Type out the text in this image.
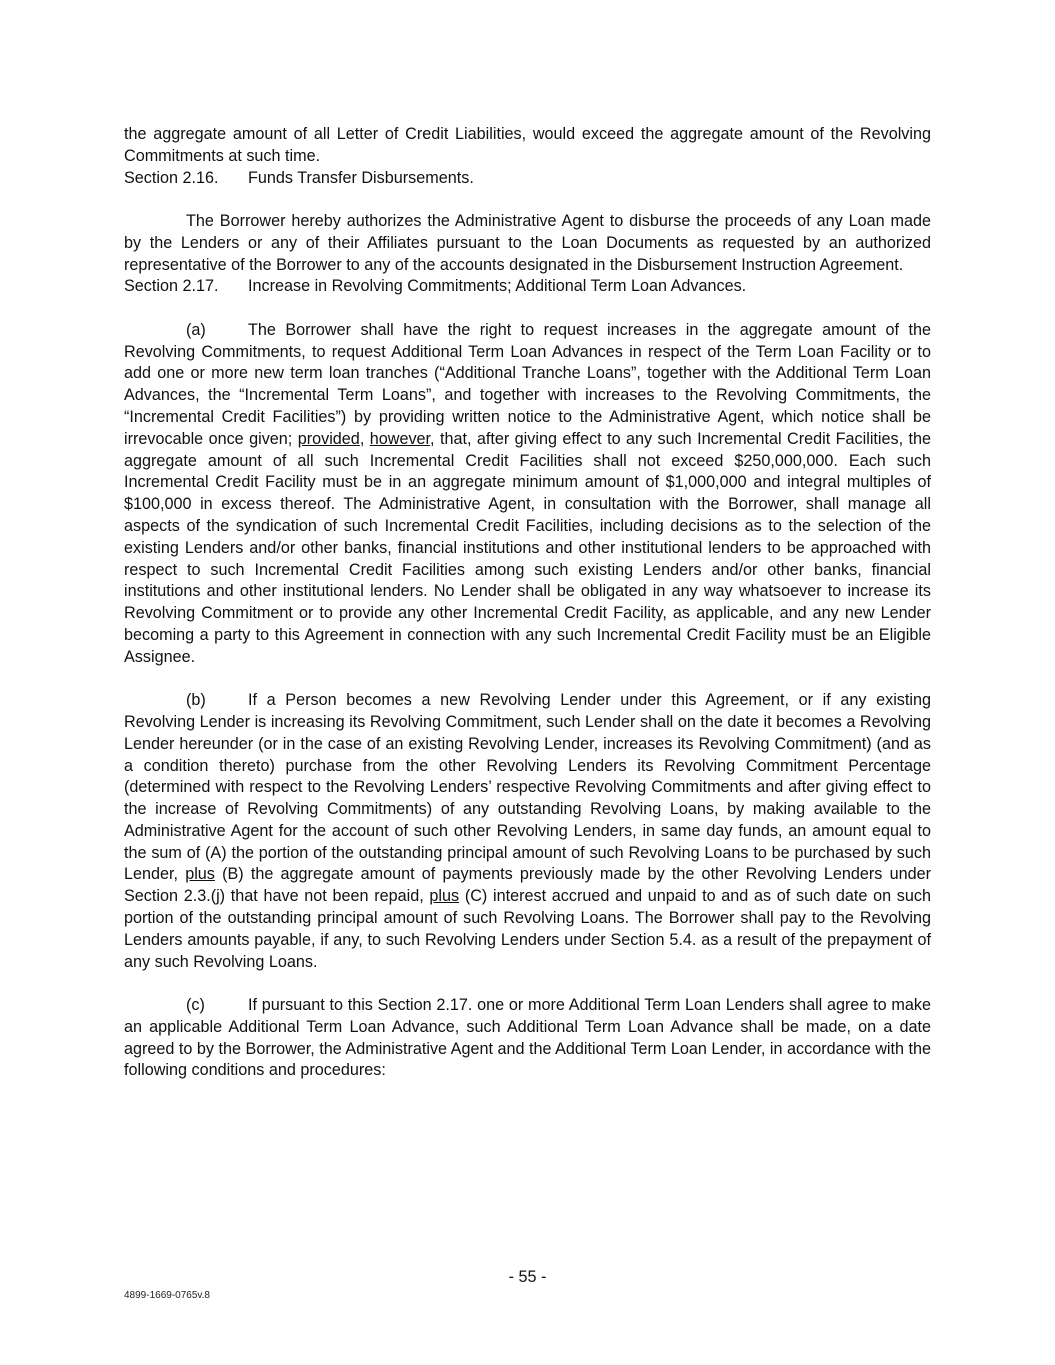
the aggregate amount of all Letter of Credit Liabilities, would exceed the aggregate amount of the Revolving Commitments at such time.

Section 2.16. Funds Transfer Disbursements.

The Borrower hereby authorizes the Administrative Agent to disburse the proceeds of any Loan made by the Lenders or any of their Affiliates pursuant to the Loan Documents as requested by an authorized representative of the Borrower to any of the accounts designated in the Disbursement Instruction Agreement.

Section 2.17. Increase in Revolving Commitments; Additional Term Loan Advances.

(a)	The Borrower shall have the right to request increases in the aggregate amount of the Revolving Commitments, to request Additional Term Loan Advances in respect of the Term Loan Facility or to add one or more new term loan tranches (“Additional Tranche Loans”, together with the Additional Term Loan Advances, the “Incremental Term Loans”, and together with increases to the Revolving Commitments, the “Incremental Credit Facilities”) by providing written notice to the Administrative Agent, which notice shall be irrevocable once given; provided, however, that, after giving effect to any such Incremental Credit Facilities, the aggregate amount of all such Incremental Credit Facilities shall not exceed $250,000,000. Each such Incremental Credit Facility must be in an aggregate minimum amount of $1,000,000 and integral multiples of $100,000 in excess thereof. The Administrative Agent, in consultation with the Borrower, shall manage all aspects of the syndication of such Incremental Credit Facilities, including decisions as to the selection of the existing Lenders and/or other banks, financial institutions and other institutional lenders to be approached with respect to such Incremental Credit Facilities among such existing Lenders and/or other banks, financial institutions and other institutional lenders. No Lender shall be obligated in any way whatsoever to increase its Revolving Commitment or to provide any other Incremental Credit Facility, as applicable, and any new Lender becoming a party to this Agreement in connection with any such Incremental Credit Facility must be an Eligible Assignee.

(b)	If a Person becomes a new Revolving Lender under this Agreement, or if any existing Revolving Lender is increasing its Revolving Commitment, such Lender shall on the date it becomes a Revolving Lender hereunder (or in the case of an existing Revolving Lender, increases its Revolving Commitment) (and as a condition thereto) purchase from the other Revolving Lenders its Revolving Commitment Percentage (determined with respect to the Revolving Lenders’ respective Revolving Commitments and after giving effect to the increase of Revolving Commitments) of any outstanding Revolving Loans, by making available to the Administrative Agent for the account of such other Revolving Lenders, in same day funds, an amount equal to the sum of (A) the portion of the outstanding principal amount of such Revolving Loans to be purchased by such Lender, plus (B) the aggregate amount of payments previously made by the other Revolving Lenders under Section 2.3.(j) that have not been repaid, plus (C) interest accrued and unpaid to and as of such date on such portion of the outstanding principal amount of such Revolving Loans. The Borrower shall pay to the Revolving Lenders amounts payable, if any, to such Revolving Lenders under Section 5.4. as a result of the prepayment of any such Revolving Loans.

(c)	If pursuant to this Section 2.17. one or more Additional Term Loan Lenders shall agree to make an applicable Additional Term Loan Advance, such Additional Term Loan Advance shall be made, on a date agreed to by the Borrower, the Administrative Agent and the Additional Term Loan Lender, in accordance with the following conditions and procedures:

- 55 -
4899-1669-0765v.8
